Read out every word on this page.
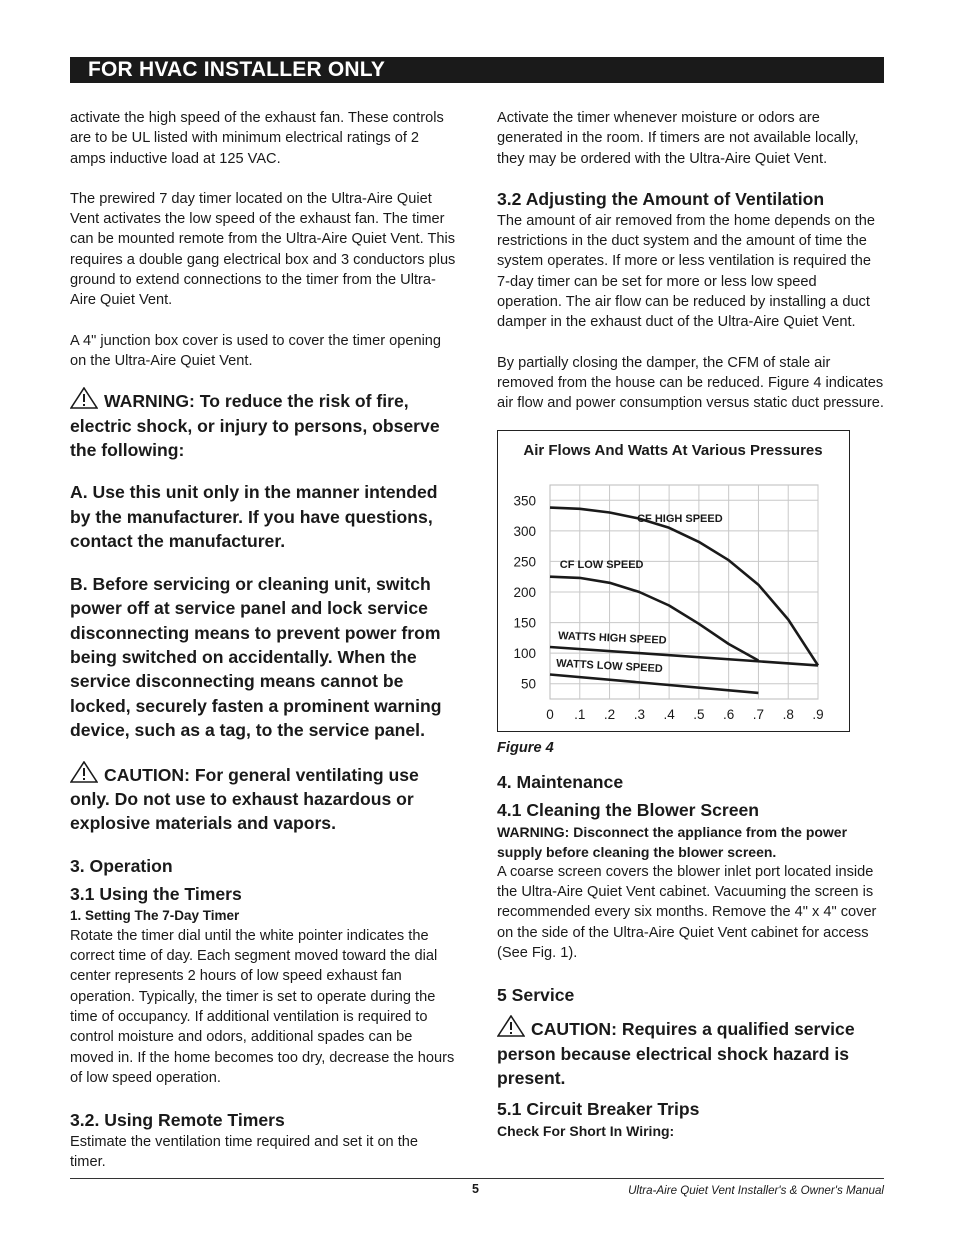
FOR HVAC INSTALLER ONLY

activate the high speed of the exhaust fan. These controls are to be UL listed with minimum electrical ratings of 2 amps inductive load at 125 VAC.

The prewired 7 day timer located on the Ultra-Aire Quiet Vent activates the low speed of the exhaust fan. The timer can be mounted remote from the Ultra-Aire Quiet Vent. This requires a double gang electrical box and 3 conductors plus ground to extend connections to the timer from the Ultra-Aire Quiet Vent.

A 4" junction box cover is used to cover the timer opening on the Ultra-Aire Quiet Vent.

WARNING: To reduce the risk of fire, electric shock, or injury to persons, observe the following:

A. Use this unit only in the manner intended by the manufacturer. If you have questions, contact the manufacturer.

B. Before servicing or cleaning unit, switch power off at service panel and lock service disconnecting means to prevent power from being switched on accidentally. When the service disconnecting means cannot be locked, securely fasten a prominent warning device, such as a tag, to the service panel.

CAUTION: For general ventilating use only. Do not use to exhaust hazardous or explosive materials and vapors.

3. Operation

3.1 Using the Timers

1. Setting The 7-Day Timer

Rotate the timer dial until the white pointer indicates the correct time of day. Each segment moved toward the dial center represents 2 hours of low speed exhaust fan operation. Typically, the timer is set to operate during the time of occupancy. If additional ventilation is required to control moisture and odors, additional spades can be moved in. If the home becomes too dry, decrease the hours of low speed operation.

3.2. Using Remote Timers

Estimate the ventilation time required and set it on the timer.

Activate the timer whenever moisture or odors are generated in the room. If timers are not available locally, they may be ordered with the Ultra-Aire Quiet Vent.

3.2 Adjusting the Amount of Ventilation

The amount of air removed from the home depends on the restrictions in the duct system and the amount of time the system operates. If more or less ventilation is required the 7-day timer can be set for more or less low speed operation. The air flow can be reduced by installing a duct damper in the exhaust duct of the Ultra-Aire Quiet Vent.

By partially closing the damper, the CFM of stale air removed from the house can be reduced. Figure 4 indicates air flow and power consumption versus static duct pressure.

Air Flows And Watts At Various Pressures
0 .1 .2 .3 .4 .5 .6 .7 .8 .9
350
300
250
200
150
100
50
CF HIGH SPEED
CF LOW SPEED
WATTS HIGH SPEED
WATTS LOW SPEED

Figure 4

4. Maintenance

4.1 Cleaning the Blower Screen

WARNING: Disconnect the appliance from the power supply before cleaning the blower screen.

A coarse screen covers the blower inlet port located inside the Ultra-Aire Quiet Vent cabinet. Vacuuming the screen is recommended every six months. Remove the 4" x 4" cover on the side of the Ultra-Aire Quiet Vent cabinet for access (See Fig. 1).

5 Service

CAUTION: Requires a qualified service person because electrical shock hazard is present.

5.1 Circuit Breaker Trips

Check For Short In Wiring:

5	Ultra-Aire Quiet Vent Installer's & Owner's Manual
